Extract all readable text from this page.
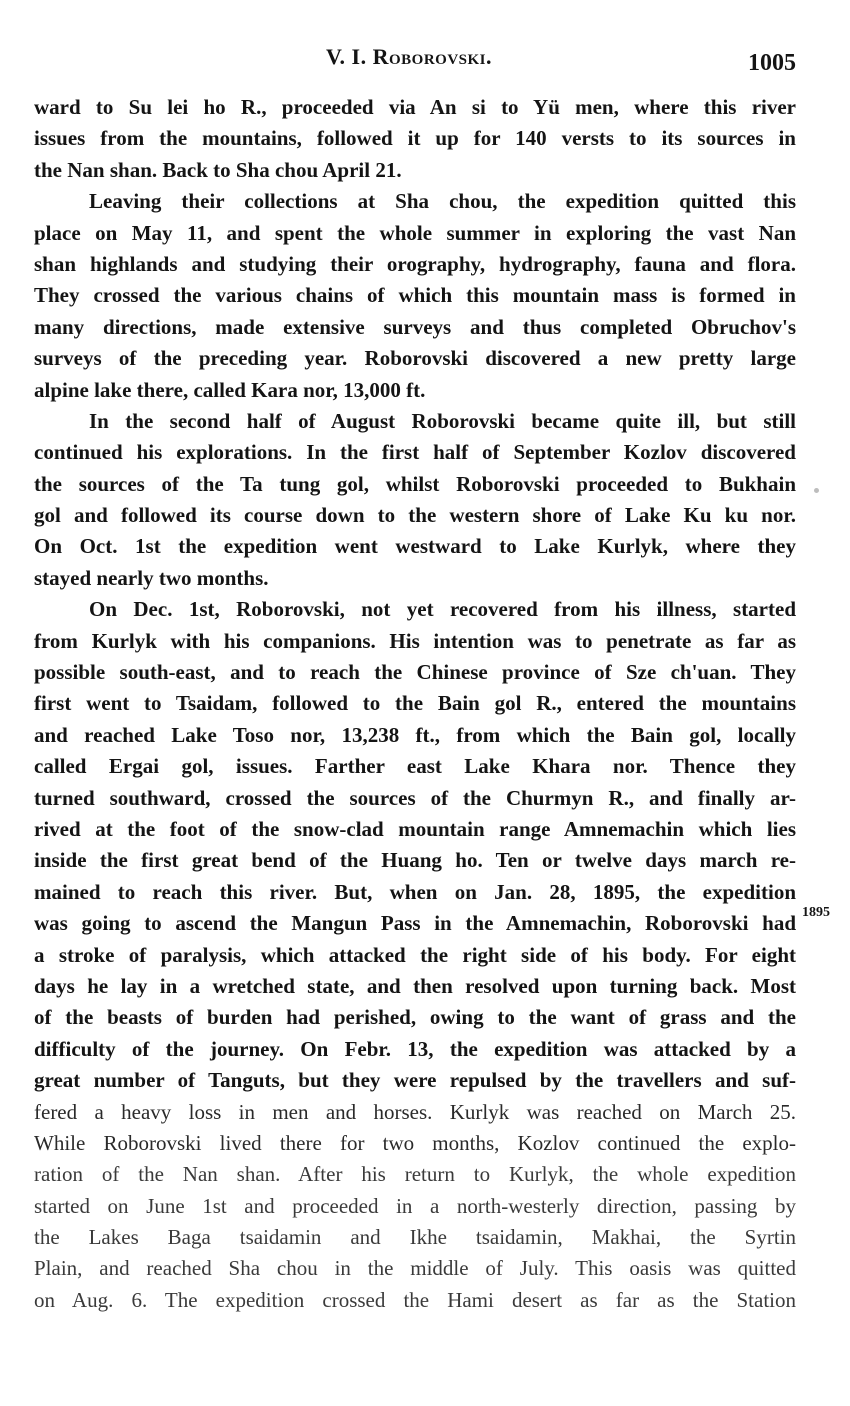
V. I. Roborovski.	1005
ward to Su lei ho R., proceeded via An si to Yü men, where this river
issues from the mountains, followed it up for 140 versts to its sources in
the Nan shan. Back to Sha chou April 21.
Leaving their collections at Sha chou, the expedition quitted this
place on May 11, and spent the whole summer in exploring the vast Nan
shan highlands and studying their orography, hydrography, fauna and flora.
They crossed the various chains of which this mountain mass is formed in
many directions, made extensive surveys and thus completed Obruchov's
surveys of the preceding year. Roborovski discovered a new pretty large
alpine lake there, called Kara nor, 13,000 ft.
In the second half of August Roborovski became quite ill, but still
continued his explorations. In the first half of September Kozlov discovered
the sources of the Ta tung gol, whilst Roborovski proceeded to Bukhain
gol and followed its course down to the western shore of Lake Ku ku nor.
On Oct. 1st the expedition went westward to Lake Kurlyk, where they
stayed nearly two months.
On Dec. 1st, Roborovski, not yet recovered from his illness, started
from Kurlyk with his companions. His intention was to penetrate as far as
possible south-east, and to reach the Chinese province of Sze ch'uan. They
first went to Tsaidam, followed to the Bain gol R., entered the mountains
and reached Lake Toso nor, 13,238 ft., from which the Bain gol, locally
called Ergai gol, issues. Farther east Lake Khara nor. Thence they
turned southward, crossed the sources of the Churmyn R., and finally ar-
rived at the foot of the snow-clad mountain range Amnemachin which lies
inside the first great bend of the Huang ho. Ten or twelve days march re-
mained to reach this river. But, when on Jan. 28, 1895, the expedition
was going to ascend the Mangun Pass in the Amnemachin, Roborovski had
a stroke of paralysis, which attacked the right side of his body. For eight
days he lay in a wretched state, and then resolved upon turning back. Most
of the beasts of burden had perished, owing to the want of grass and the
difficulty of the journey. On Febr. 13, the expedition was attacked by a
great number of Tanguts, but they were repulsed by the travellers and suf-
fered a heavy loss in men and horses. Kurlyk was reached on March 25.
While Roborovski lived there for two months, Kozlov continued the explo-
ration of the Nan shan. After his return to Kurlyk, the whole expedition
started on June 1st and proceeded in a north-westerly direction, passing by
the Lakes Baga tsaidamin and Ikhe tsaidamin, Makhai, the Syrtin
Plain, and reached Sha chou in the middle of July. This oasis was quitted
on Aug. 6. The expedition crossed the Hami desert as far as the Station
1895
